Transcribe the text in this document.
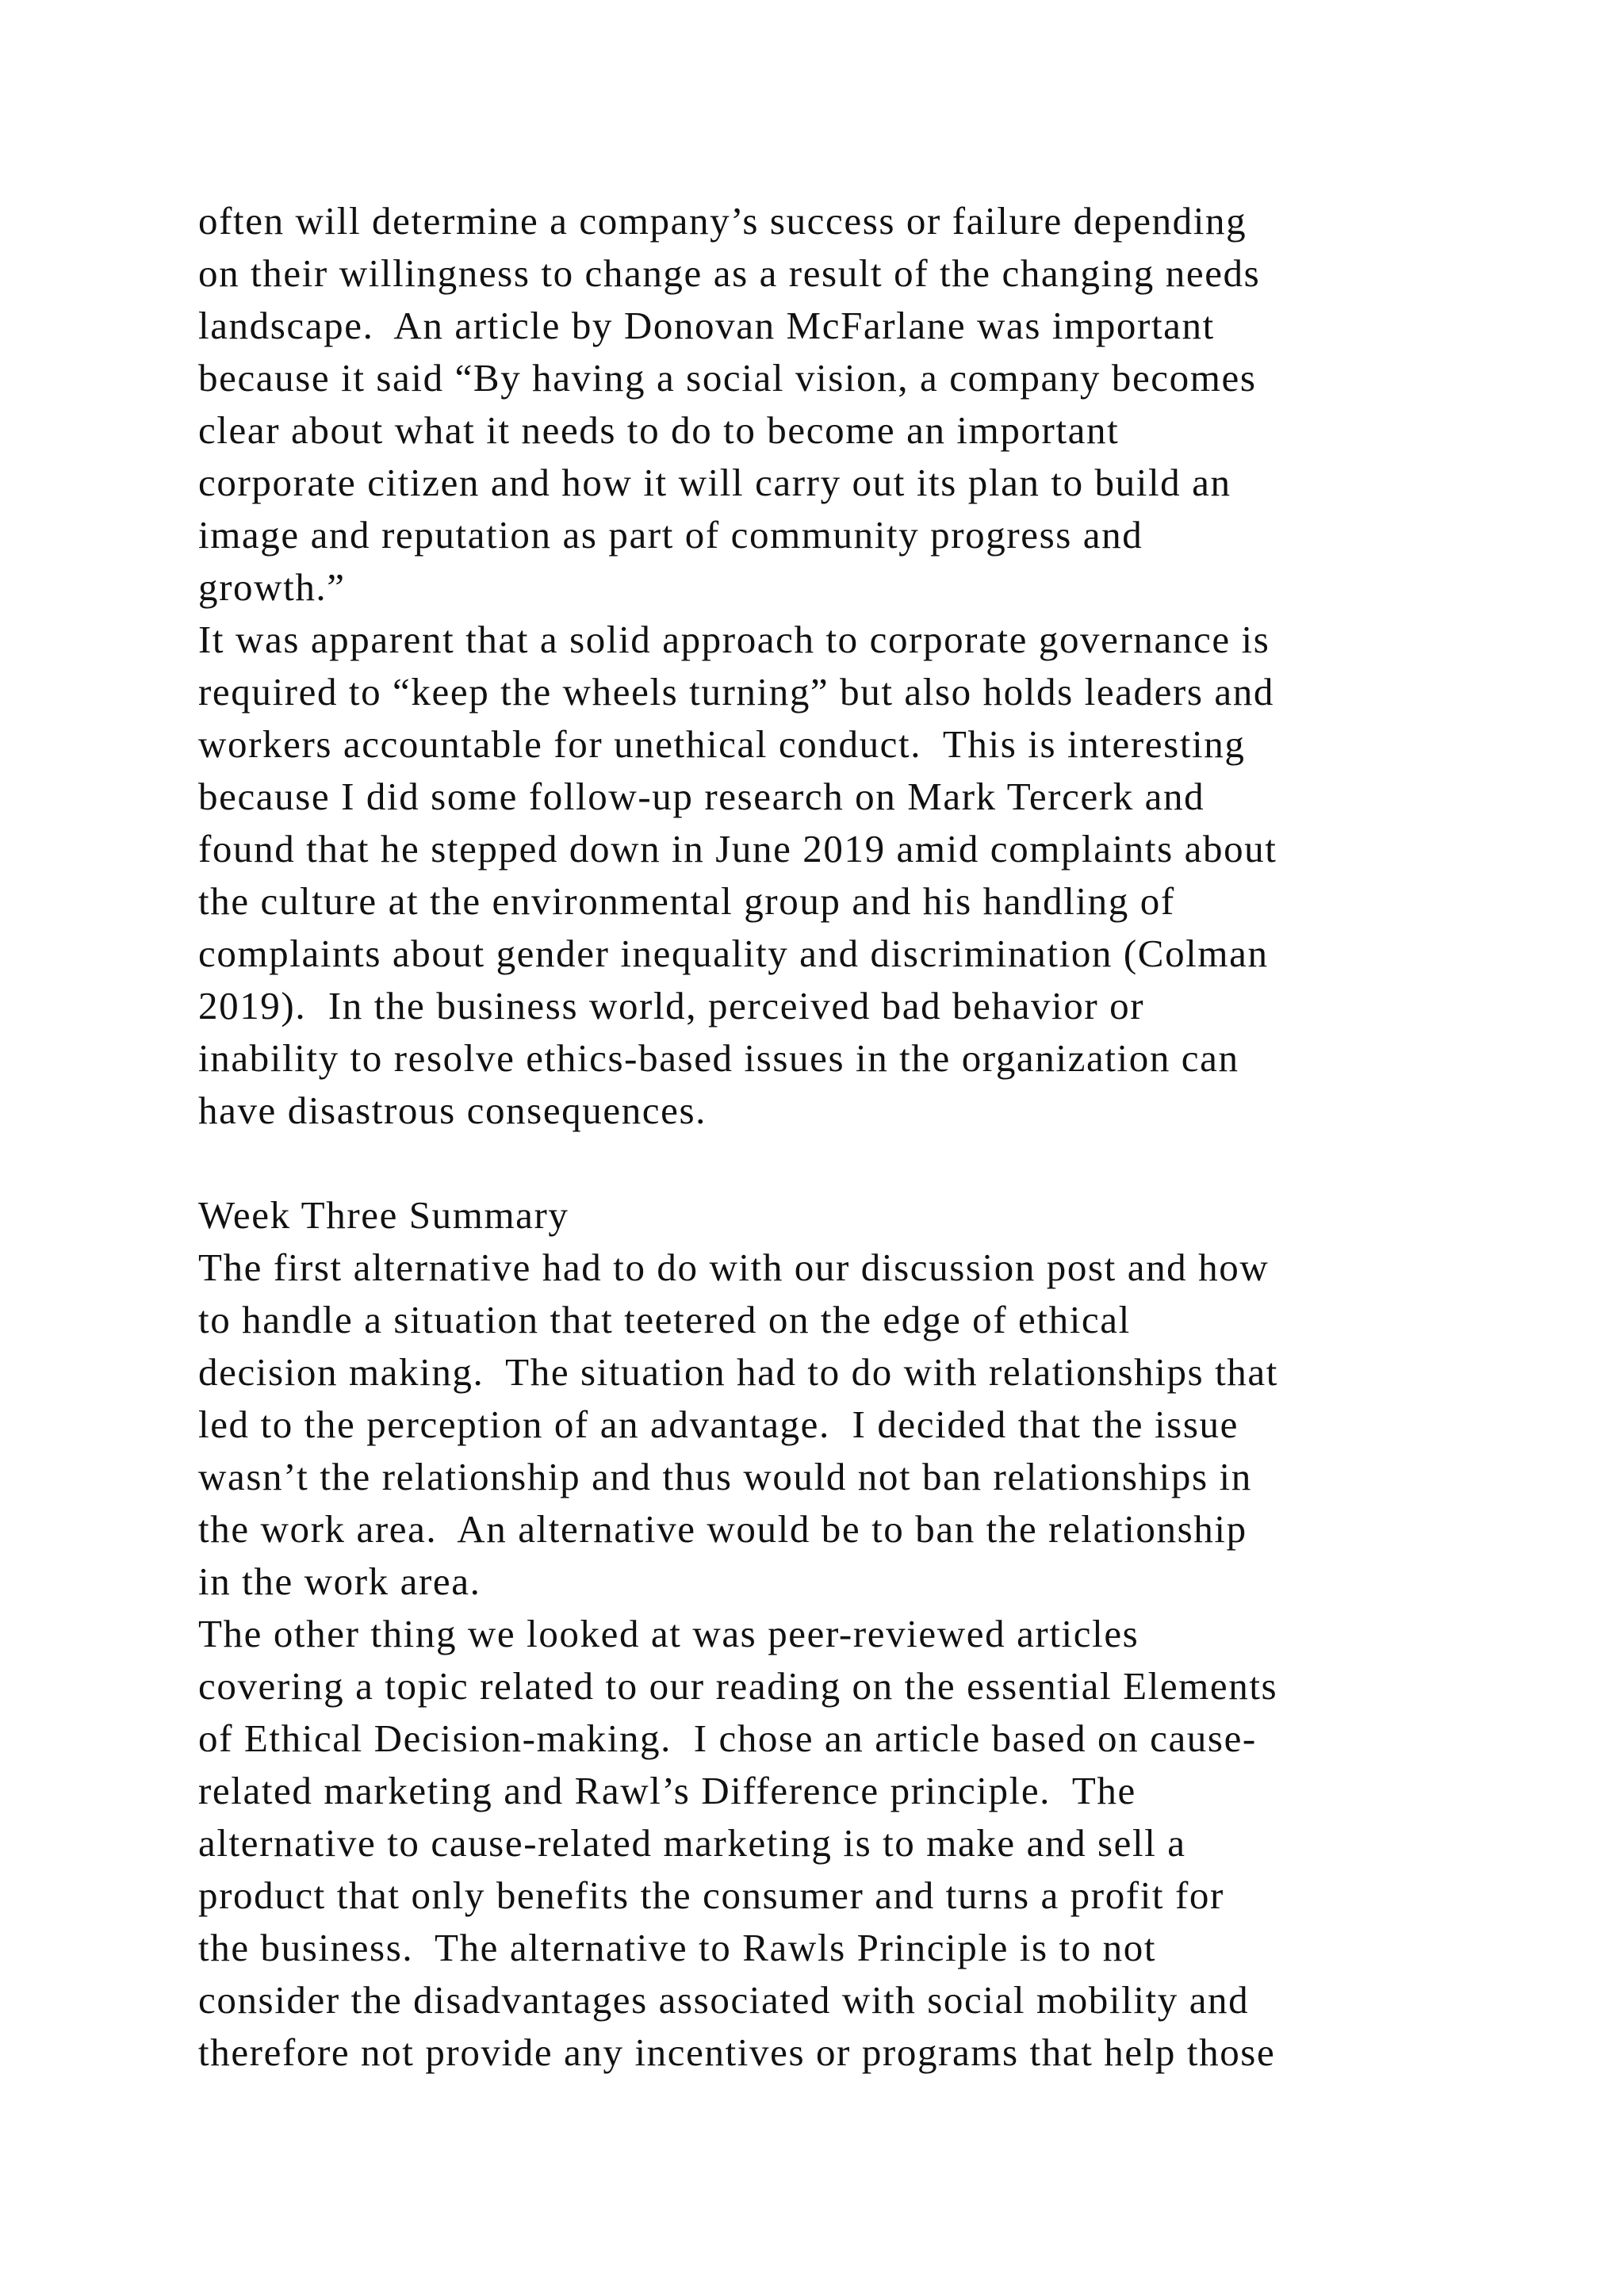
often will determine a company’s success or failure depending
on their willingness to change as a result of the changing needs
landscape.  An article by Donovan McFarlane was important
because it said “By having a social vision, a company becomes
clear about what it needs to do to become an important
corporate citizen and how it will carry out its plan to build an
image and reputation as part of community progress and
growth.”
It was apparent that a solid approach to corporate governance is
required to “keep the wheels turning” but also holds leaders and
workers accountable for unethical conduct.  This is interesting
because I did some follow-up research on Mark Tercerk and
found that he stepped down in June 2019 amid complaints about
the culture at the environmental group and his handling of
complaints about gender inequality and discrimination (Colman
2019).  In the business world, perceived bad behavior or
inability to resolve ethics-based issues in the organization can
have disastrous consequences.
Week Three Summary
The first alternative had to do with our discussion post and how
to handle a situation that teetered on the edge of ethical
decision making.  The situation had to do with relationships that
led to the perception of an advantage.  I decided that the issue
wasn’t the relationship and thus would not ban relationships in
the work area.  An alternative would be to ban the relationship
in the work area.
The other thing we looked at was peer-reviewed articles
covering a topic related to our reading on the essential Elements
of Ethical Decision-making.  I chose an article based on cause-
related marketing and Rawl’s Difference principle.  The
alternative to cause-related marketing is to make and sell a
product that only benefits the consumer and turns a profit for
the business.  The alternative to Rawls Principle is to not
consider the disadvantages associated with social mobility and
therefore not provide any incentives or programs that help those
